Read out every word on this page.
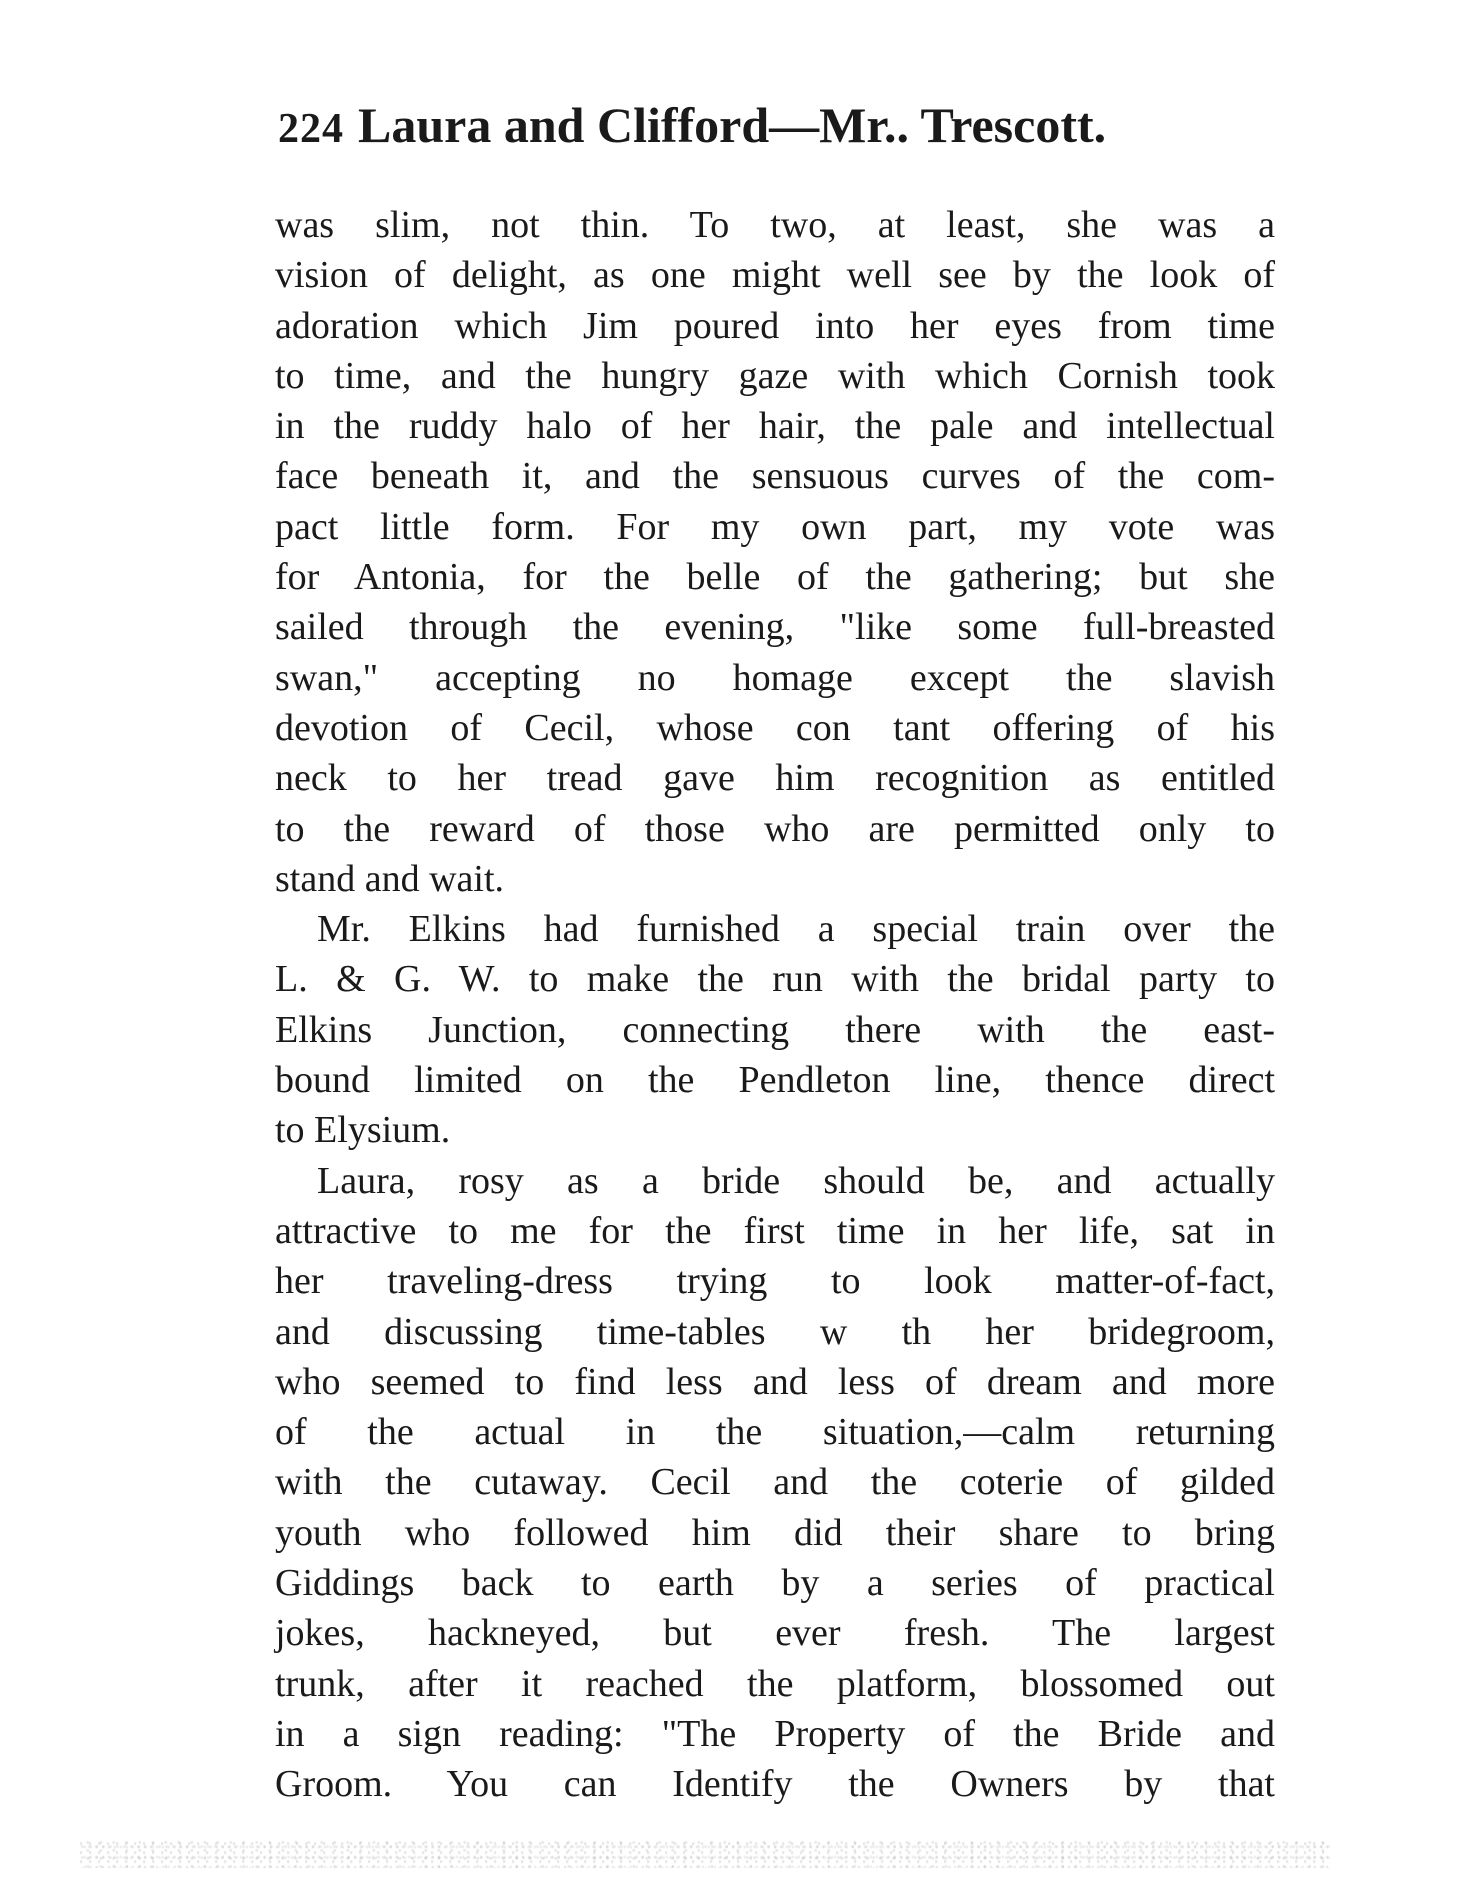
224 Laura and Clifford—Mr.. Trescott.
was slim, not thin. To two, at least, she was a
vision of delight, as one might well see by the look of
adoration which Jim poured into her eyes from time
to time, and the hungry gaze with which Cornish took
in the ruddy halo of her hair, the pale and intellectual
face beneath it, and the sensuous curves of the com-
pact little form. For my own part, my vote was
for Antonia, for the belle of the gathering; but she
sailed through the evening, "like some full-breasted
swan," accepting no homage except the slavish
devotion of Cecil, whose con tant offering of his
neck to her tread gave him recognition as entitled
to the reward of those who are permitted only to
stand and wait.
Mr. Elkins had furnished a special train over the
L. & G. W. to make the run with the bridal party to
Elkins Junction, connecting there with the east-
bound limited on the Pendleton line, thence direct
to Elysium.
Laura, rosy as a bride should be, and actually
attractive to me for the first time in her life, sat in
her traveling-dress trying to look matter-of-fact,
and discussing time-tables w th her bridegroom,
who seemed to find less and less of dream and more
of the actual in the situation,—calm returning
with the cutaway. Cecil and the coterie of gilded
youth who followed him did their share to bring
Giddings back to earth by a series of practical
jokes, hackneyed, but ever fresh. The largest
trunk, after it reached the platform, blossomed out
in a sign reading: "The Property of the Bride and
Groom. You can Identify the Owners by that
